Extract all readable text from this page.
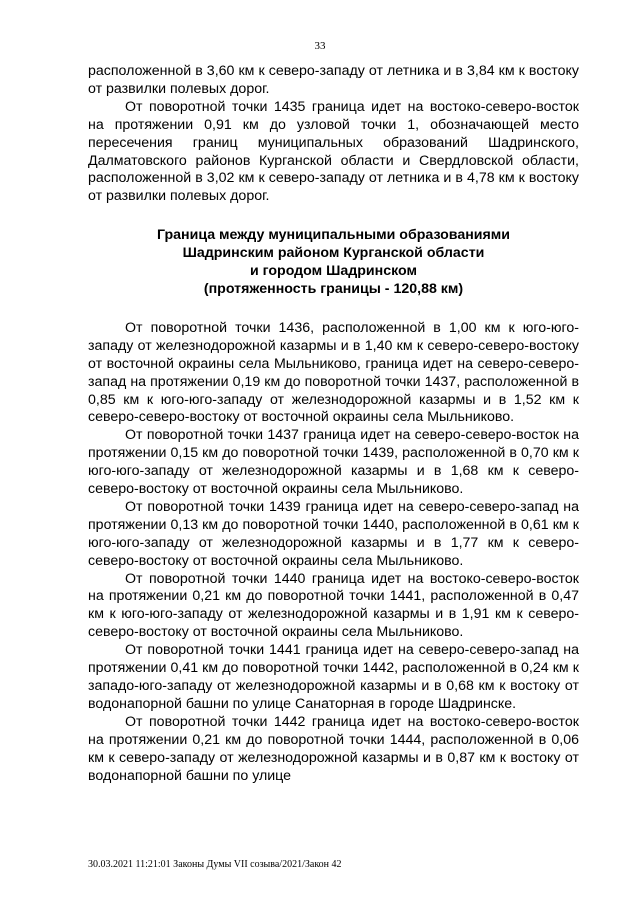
33

расположенной в 3,60 км к северо-западу от летника и в 3,84 км к востоку от развилки полевых дорог.

От поворотной точки 1435 граница идет на востоко-северо-восток на протяжении 0,91 км до узловой точки 1, обозначающей место пересечения границ муниципальных образований Шадринского, Далматовского районов Курганской области и Свердловской области, расположенной в 3,02 км к северо-западу от летника и в 4,78 км к востоку от развилки полевых дорог.

Граница между муниципальными образованиями
Шадринским районом Курганской области
и городом Шадринском
(протяженность границы - 120,88 км)

От поворотной точки 1436, расположенной в 1,00 км к юго-юго-западу от железнодорожной казармы и в 1,40 км к северо-северо-востоку от восточной окраины села Мыльниково, граница идет на северо-северо-запад на протяжении 0,19 км до поворотной точки 1437, расположенной в 0,85 км к юго-юго-западу от железнодорожной казармы и в 1,52 км к северо-северо-востоку от восточной окраины села Мыльниково.

От поворотной точки 1437 граница идет на северо-северо-восток на протяжении 0,15 км до поворотной точки 1439, расположенной в 0,70 км к юго-юго-западу от железнодорожной казармы и в 1,68 км к северо-северо-востоку от восточной окраины села Мыльниково.

От поворотной точки 1439 граница идет на северо-северо-запад на протяжении 0,13 км до поворотной точки 1440, расположенной в 0,61 км к юго-юго-западу от железнодорожной казармы и в 1,77 км к северо-северо-востоку от восточной окраины села Мыльниково.

От поворотной точки 1440 граница идет на востоко-северо-восток на протяжении 0,21 км до поворотной точки 1441, расположенной в 0,47 км к юго-юго-западу от железнодорожной казармы и в 1,91 км к северо-северо-востоку от восточной окраины села Мыльниково.

От поворотной точки 1441 граница идет на северо-северо-запад на протяжении 0,41 км до поворотной точки 1442, расположенной в 0,24 км к западо-юго-западу от железнодорожной казармы и в 0,68 км к востоку от водонапорной башни по улице Санаторная в городе Шадринске.

От поворотной точки 1442 граница идет на востоко-северо-восток на протяжении 0,21 км до поворотной точки 1444, расположенной в 0,06 км к северо-западу от железнодорожной казармы и в 0,87 км к востоку от водонапорной башни по улице

30.03.2021 11:21:01 Законы Думы VII созыва/2021/Закон 42
